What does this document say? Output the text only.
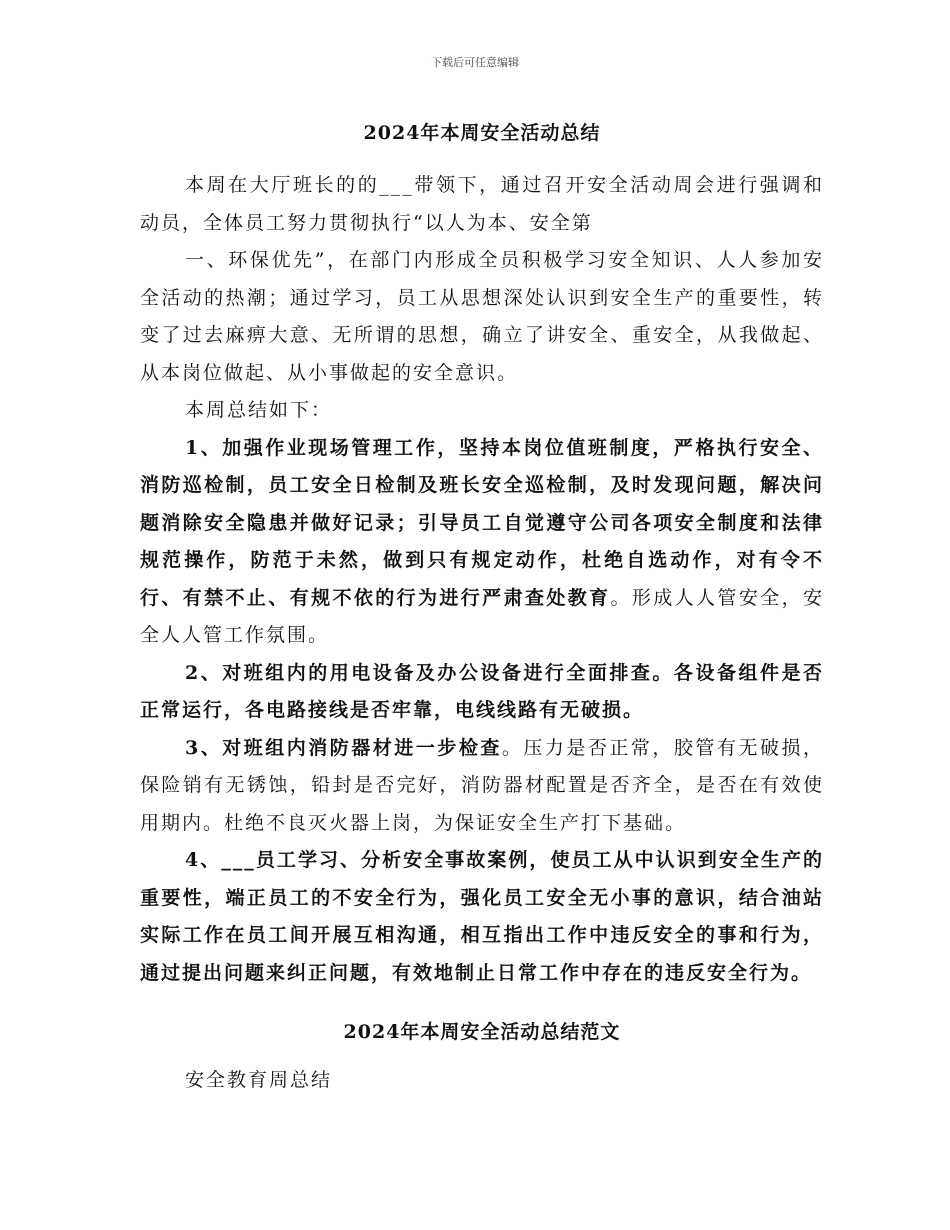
下载后可任意编辑
2024年本周安全活动总结

本周在大厅班长的的___带领下，通过召开安全活动周会进行强调和动员，全体员工努力贯彻执行“以人为本、安全第

一、环保优先”，在部门内形成全员积极学习安全知识、人人参加安全活动的热潮；通过学习，员工从思想深处认识到安全生产的重要性，转变了过去麻痹大意、无所谓的思想，确立了讲安全、重安全，从我做起、从本岗位做起、从小事做起的安全意识。

本周总结如下：

1、加强作业现场管理工作，坚持本岗位值班制度，严格执行安全、消防巡检制，员工安全日检制及班长安全巡检制，及时发现问题，解决问题消除安全隐患并做好记录；引导员工自觉遵守公司各项安全制度和法律规范操作，防范于未然，做到只有规定动作，杜绝自选动作，对有令不行、有禁不止、有规不依的行为进行严肃查处教育。形成人人管安全，安全人人管工作氛围。

2、对班组内的用电设备及办公设备进行全面排查。各设备组件是否正常运行，各电路接线是否牢靠，电线线路有无破损。

3、对班组内消防器材进一步检查。压力是否正常，胶管有无破损，保险销有无锈蚀，铅封是否完好，消防器材配置是否齐全，是否在有效使用期内。杜绝不良灭火器上岗，为保证安全生产打下基础。

4、___员工学习、分析安全事故案例，使员工从中认识到安全生产的重要性，端正员工的不安全行为，强化员工安全无小事的意识，结合油站实际工作在员工间开展互相沟通，相互指出工作中违反安全的事和行为，通过提出问题来纠正问题，有效地制止日常工作中存在的违反安全行为。

2024年本周安全活动总结范文

安全教育周总结
